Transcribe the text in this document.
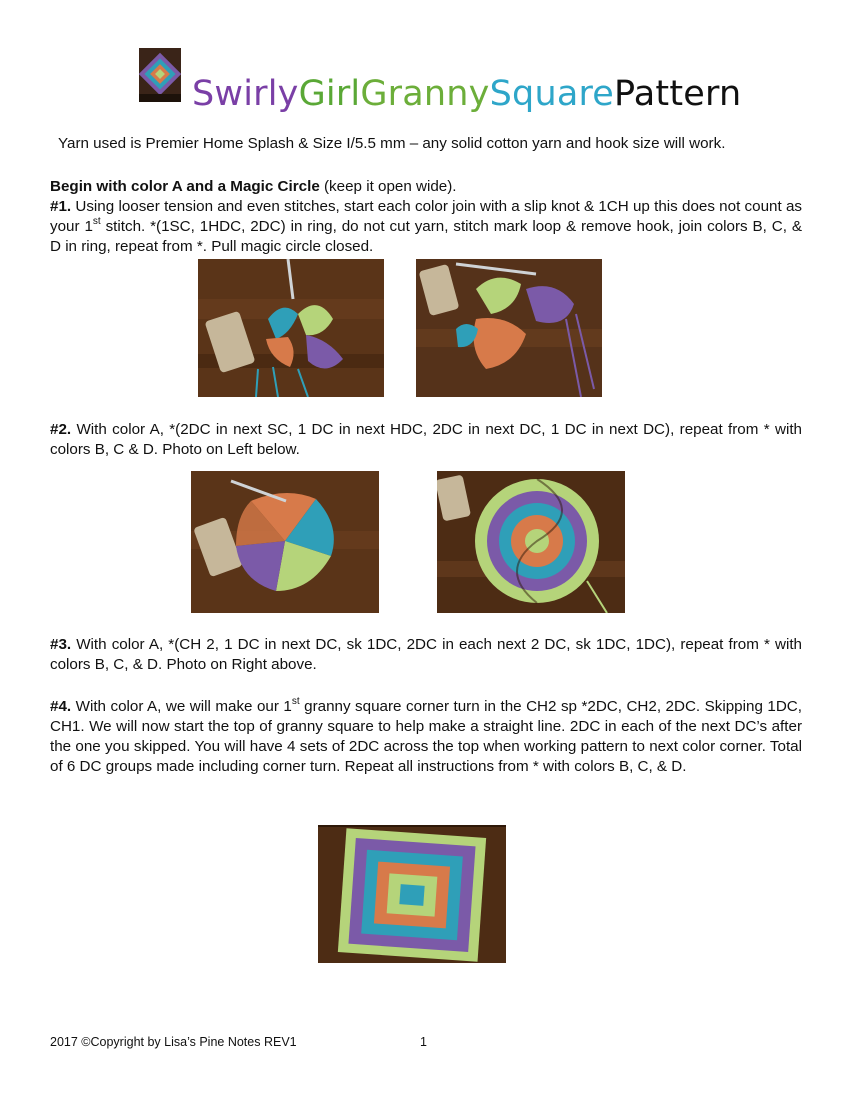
SwirlyGirlGrannySquarePattern

Yarn used is Premier Home Splash & Size I/5.5 mm – any solid cotton yarn and hook size will work.

Begin with color A and a Magic Circle (keep it open wide).
#1. Using looser tension and even stitches, start each color join with a slip knot & 1CH up this does not count as your 1st stitch. *(1SC, 1HDC, 2DC) in ring, do not cut yarn, stitch mark loop & remove hook, join colors B, C, & D in ring, repeat from *. Pull magic circle closed.

#2. With color A, *(2DC in next SC, 1 DC in next HDC, 2DC in next DC, 1 DC in next DC), repeat from * with colors B, C & D. Photo on Left below.

#3. With color A, *(CH 2, 1 DC in next DC, sk 1DC, 2DC in each next 2 DC, sk 1DC, 1DC), repeat from * with colors B, C, & D. Photo on Right above.

#4. With color A, we will make our 1st granny square corner turn in the CH2 sp *2DC, CH2, 2DC. Skipping 1DC, CH1. We will now start the top of granny square to help make a straight line. 2DC in each of the next DC’s after the one you skipped. You will have 4 sets of 2DC across the top when working pattern to next color corner. Total of 6 DC groups made including corner turn. Repeat all instructions from * with colors B, C, & D.

2017 ©Copyright by Lisa’s Pine Notes REV1	1
